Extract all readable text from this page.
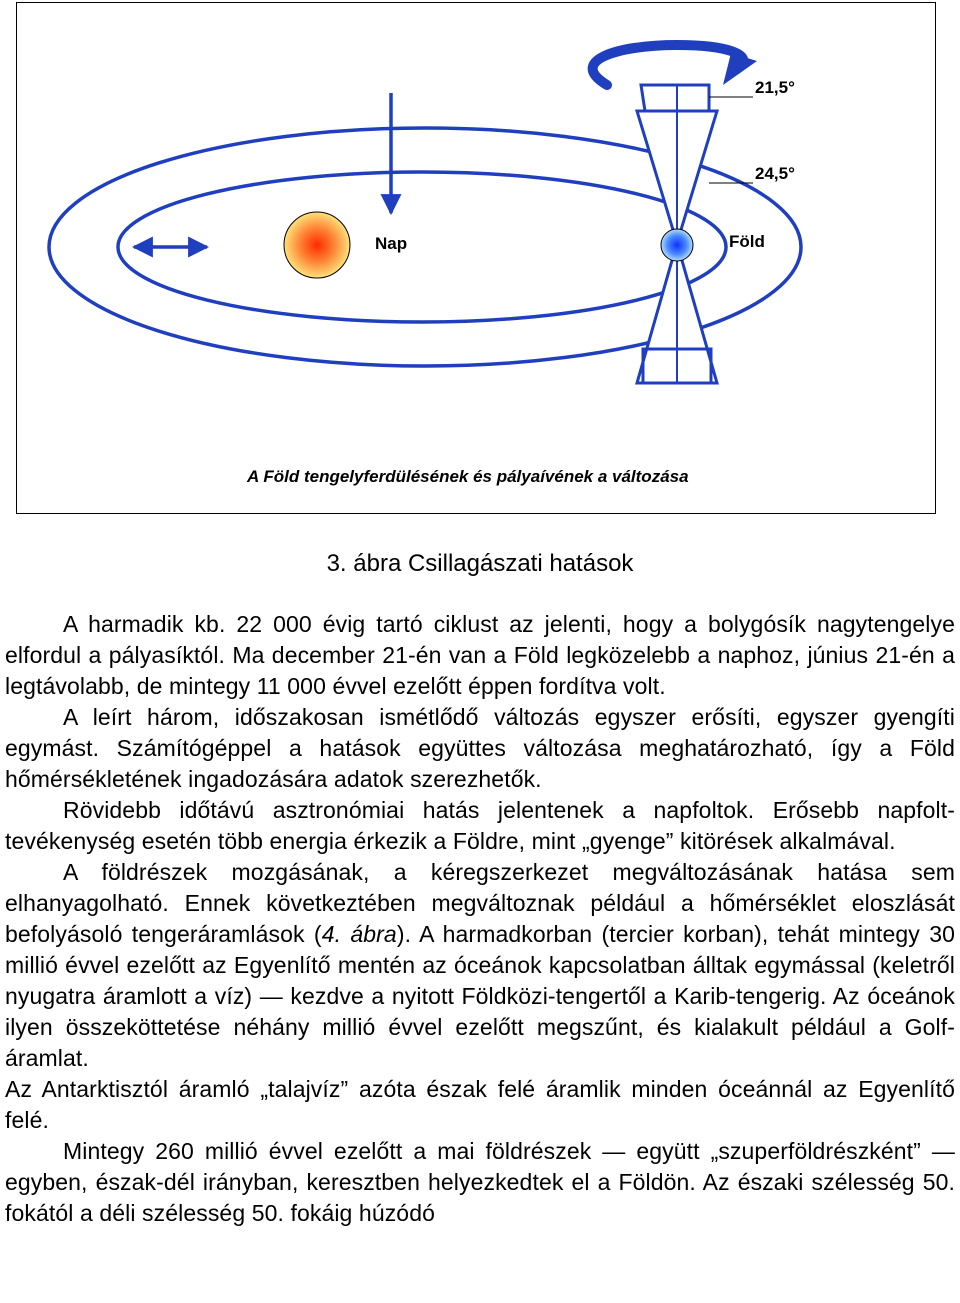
Nap	Föld
21,5°
24,5°
A Föld tengelyferdülésének és pályaívének a változása
3. ábra Csillagászati hatások

A harmadik kb. 22 000 évig tartó ciklust az jelenti, hogy a bolygósík nagytengelye elfordul a pályasíktól. Ma december 21-én van a Föld legközelebb a naphoz, június 21-én a legtávolabb, de mintegy 11 000 évvel ezelőtt éppen fordítva volt.

A leírt három, időszakosan ismétlődő változás egyszer erősíti, egyszer gyengíti egymást. Számítógéppel a hatások együttes változása meghatározható, így a Föld hőmérsékletének ingadozására adatok szerezhetők.

Rövidebb időtávú asztronómiai hatás jelentenek a napfoltok. Erősebb napfolt-tevékenység esetén több energia érkezik a Földre, mint „gyenge” kitörések alkalmával.

A földrészek mozgásának, a kéregszerkezet megváltozásának hatása sem elhanyagolható. Ennek következtében megváltoznak például a hőmérséklet eloszlását befolyásoló tengeráramlások (4. ábra). A harmadkorban (tercier korban), tehát mintegy 30 millió évvel ezelőtt az Egyenlítő mentén az óceánok kapcsolatban álltak egymással (keletről nyugatra áramlott a víz) ― kezdve a nyitott Földközi-tengertől a Karib-tengerig. Az óceánok ilyen összeköttetése néhány millió évvel ezelőtt megszűnt, és kialakult például a Golf-áramlat.

Az Antarktisztól áramló „talajvíz” azóta észak felé áramlik minden óceánnál az Egyenlítő felé.

Mintegy 260 millió évvel ezelőtt a mai földrészek ― együtt „szuperföldrészként” ― egyben, észak-dél irányban, keresztben helyezkedtek el a Földön. Az északi szélesség 50. fokától a déli szélesség 50. fokáig húzódó
